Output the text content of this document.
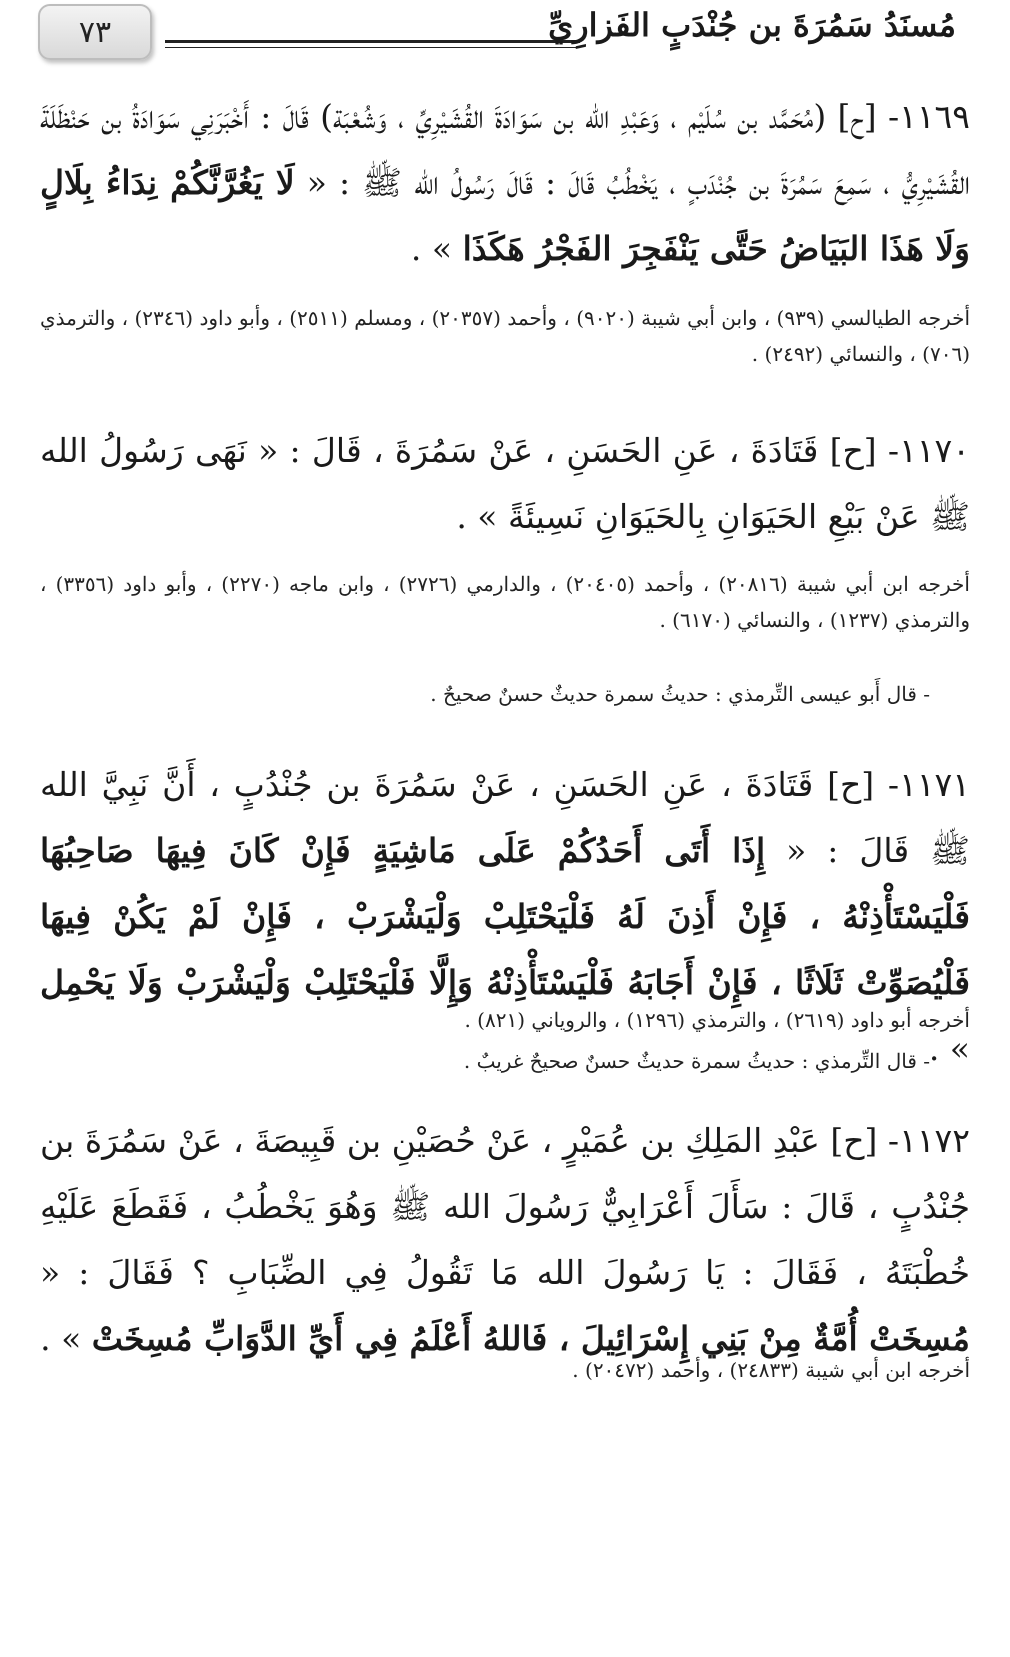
٧٣	مُسنَدُ سَمُرَةَ بن جُنْدَبٍ الفَزارِيِّ
١١٦٩- [ح] (مُحَمَّد بن سُلَيْم ، وَعَبْدِ الله بن سَوَادَةَ القُشَيْرِيِّ ، وَشُعْبَة) قَالَ : أَخْبَرَنِي سَوَادَةُ بن حَنْظَلَةَ القُشَيْرِيُّ ، سَمِعَ سَمُرَةَ بن جُنْدَبٍ ، يَخْطُبُ قَالَ : قَالَ رَسُولُ الله ﷺ : « لَا يَغُرَّنَّكُمْ نِدَاءُ بِلَالٍ وَلَا هَذَا البَيَاضُ حَتَّى يَنْفَجِرَ الفَجْرُ هَكَذَا » .
أخرجه الطيالسي (٩٣٩) ، وابن أبي شيبة (٩٠٢٠) ، وأحمد (٢٠٣٥٧) ، ومسلم (٢٥١١) ، وأبو داود (٢٣٤٦) ، والترمذي (٧٠٦) ، والنسائي (٢٤٩٢) .
١١٧٠- [ح] قَتَادَةَ ، عَنِ الحَسَنِ ، عَنْ سَمُرَةَ ، قَالَ : « نَهَى رَسُولُ الله ﷺ عَنْ بَيْعِ الحَيَوَانِ بِالحَيَوَانِ نَسِيئَةً » .
أخرجه ابن أبي شيبة (٢٠٨١٦) ، وأحمد (٢٠٤٠٥) ، والدارمي (٢٧٢٦) ، وابن ماجه (٢٢٧٠) ، وأبو داود (٣٣٥٦) ، والترمذي (١٢٣٧) ، والنسائي (٦١٧٠) .
- قال أَبو عيسى التِّرمذي : حديثُ سمرة حديثٌ حسنٌ صحيحٌ .
١١٧١- [ح] قَتَادَةَ ، عَنِ الحَسَنِ ، عَنْ سَمُرَةَ بن جُنْدُبٍ ، أَنَّ نَبِيَّ الله ﷺ قَالَ : « إِذَا أَتَى أَحَدُكُمْ عَلَى مَاشِيَةٍ فَإِنْ كَانَ فِيهَا صَاحِبُهَا فَلْيَسْتَأْذِنْهُ ، فَإِنْ أَذِنَ لَهُ فَلْيَحْتَلِبْ وَلْيَشْرَبْ ، فَإِنْ لَمْ يَكُنْ فِيهَا فَلْيُصَوِّتْ ثَلَاثًا ، فَإِنْ أَجَابَهُ فَلْيَسْتَأْذِنْهُ وَإِلَّا فَلْيَحْتَلِبْ وَلْيَشْرَبْ وَلَا يَحْمِل » .
أخرجه أبو داود (٢٦١٩) ، والترمذي (١٢٩٦) ، والروياني (٨٢١) .
- قال التِّرمذي : حديثُ سمرة حديثٌ حسنٌ صحيحٌ غريبٌ .
١١٧٢- [ح] عَبْدِ المَلِكِ بن عُمَيْرٍ ، عَنْ حُصَيْنِ بن قَبِيصَةَ ، عَنْ سَمُرَةَ بن جُنْدُبٍ ، قَالَ : سَأَلَ أَعْرَابِيٌّ رَسُولَ الله ﷺ وَهُوَ يَخْطُبُ ، فَقَطَعَ عَلَيْهِ خُطْبَتَهُ ، فَقَالَ : يَا رَسُولَ الله مَا تَقُولُ فِي الضِّبَابِ ؟ فَقَالَ : « مُسِخَتْ أُمَّةٌ مِنْ بَنِي إِسْرَائِيلَ ، فَاللهُ أَعْلَمُ فِي أَيِّ الدَّوَابِّ مُسِخَتْ » .
أخرجه ابن أبي شيبة (٢٤٨٣٣) ، وأحمد (٢٠٤٧٢) .
